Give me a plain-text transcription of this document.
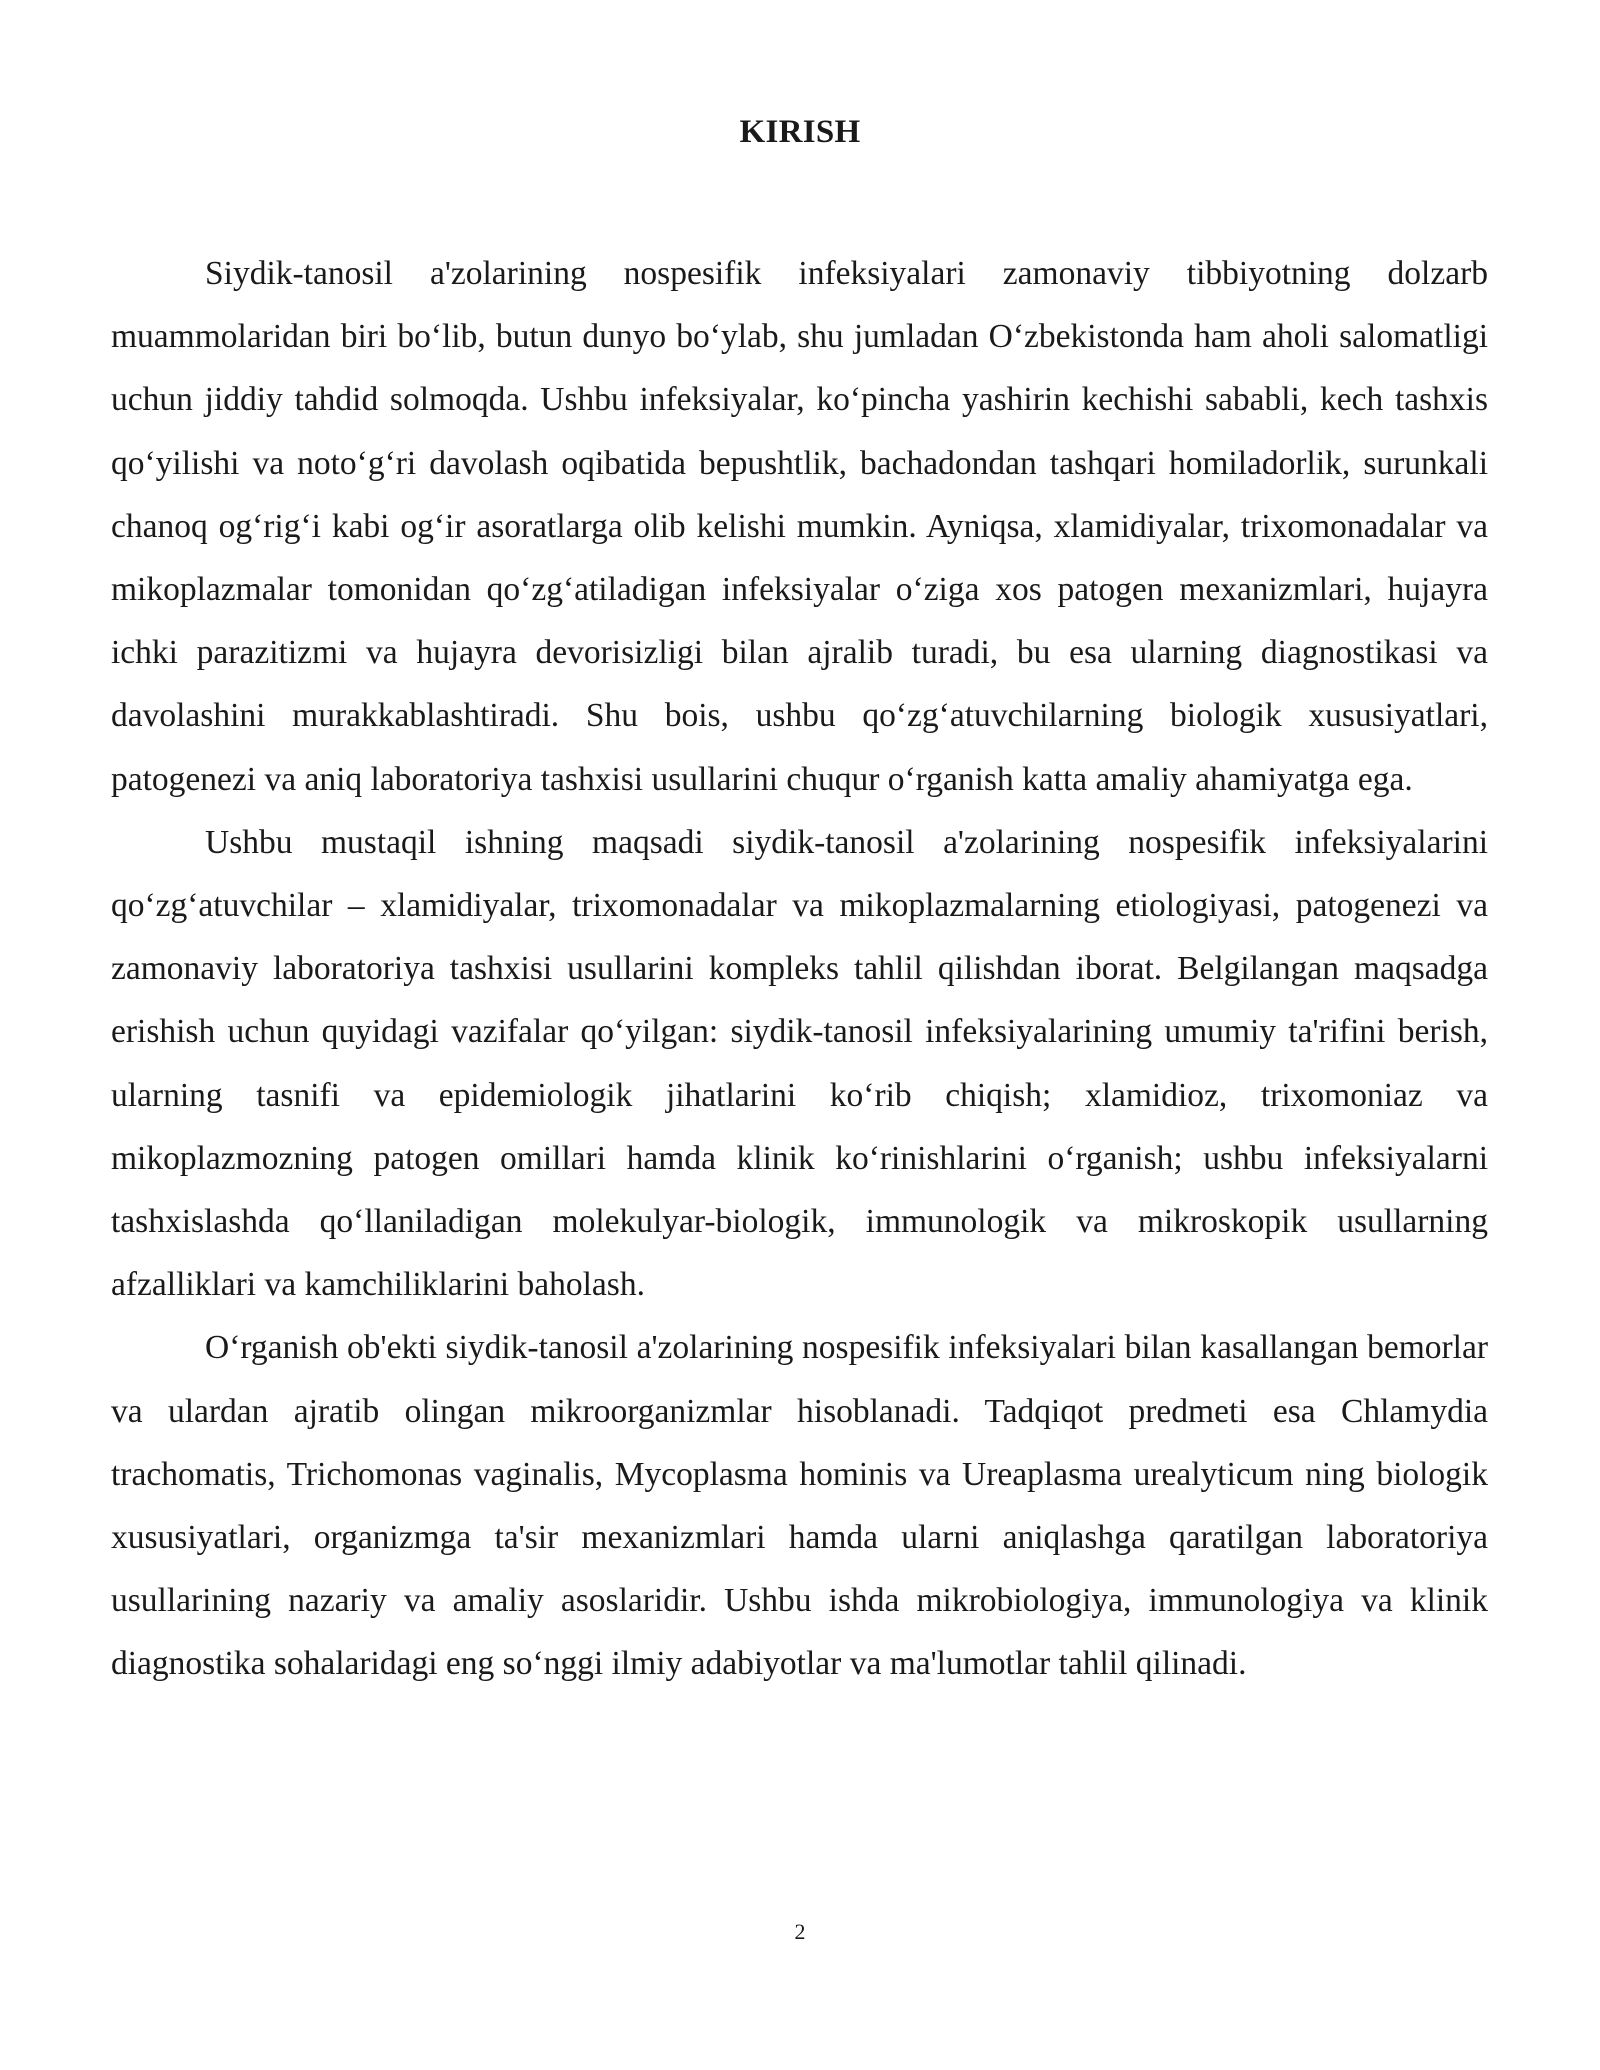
KIRISH

Siydik-tanosil a'zolarining nospesifik infeksiyalari zamonaviy tibbiyotning dolzarb muammolaridan biri bo‘lib, butun dunyo bo‘ylab, shu jumladan O‘zbekistonda ham aholi salomatligi uchun jiddiy tahdid solmoqda. Ushbu infeksiyalar, ko‘pincha yashirin kechishi sababli, kech tashxis qo‘yilishi va noto‘g‘ri davolash oqibatida bepushtlik, bachadondan tashqari homiladorlik, surunkali chanoq og‘rig‘i kabi og‘ir asoratlarga olib kelishi mumkin. Ayniqsa, xlamidiyalar, trixomonadalar va mikoplazmalar tomonidan qo‘zg‘atiladigan infeksiyalar o‘ziga xos patogen mexanizmlari, hujayra ichki parazitizmi va hujayra devorisizligi bilan ajralib turadi, bu esa ularning diagnostikasi va davolashini murakkablashtiradi. Shu bois, ushbu qo‘zg‘atuvchilarning biologik xususiyatlari, patogenezi va aniq laboratoriya tashxisi usullarini chuqur o‘rganish katta amaliy ahamiyatga ega.

Ushbu mustaqil ishning maqsadi siydik-tanosil a'zolarining nospesifik infeksiyalarini qo‘zg‘atuvchilar – xlamidiyalar, trixomonadalar va mikoplazmalarning etiologiyasi, patogenezi va zamonaviy laboratoriya tashxisi usullarini kompleks tahlil qilishdan iborat. Belgilangan maqsadga erishish uchun quyidagi vazifalar qo‘yilgan: siydik-tanosil infeksiyalarining umumiy ta'rifini berish, ularning tasnifi va epidemiologik jihatlarini ko‘rib chiqish; xlamidioz, trixomoniaz va mikoplazmozning patogen omillari hamda klinik ko‘rinishlarini o‘rganish; ushbu infeksiyalarni tashxislashda qo‘llaniladigan molekulyar-biologik, immunologik va mikroskopik usullarning afzalliklari va kamchiliklarini baholash.

O‘rganish ob'ekti siydik-tanosil a'zolarining nospesifik infeksiyalari bilan kasallangan bemorlar va ulardan ajratib olingan mikroorganizmlar hisoblanadi. Tadqiqot predmeti esa Chlamydia trachomatis, Trichomonas vaginalis, Mycoplasma hominis va Ureaplasma urealyticum ning biologik xususiyatlari, organizmga ta'sir mexanizmlari hamda ularni aniqlashga qaratilgan laboratoriya usullarining nazariy va amaliy asoslaridir. Ushbu ishda mikrobiologiya, immunologiya va klinik diagnostika sohalaridagi eng so‘nggi ilmiy adabiyotlar va ma'lumotlar tahlil qilinadi.

2
